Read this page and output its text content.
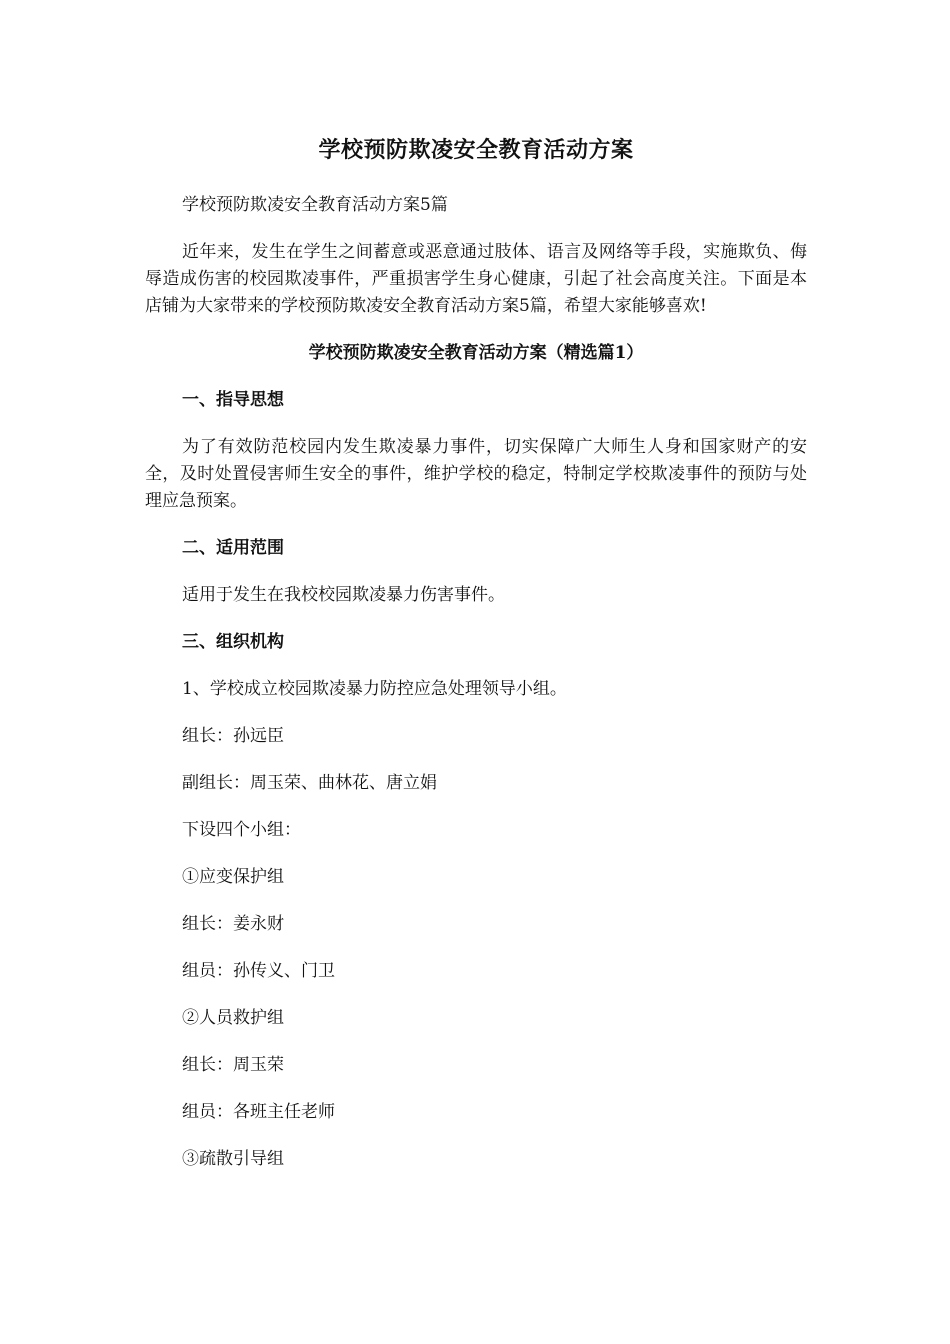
学校预防欺凌安全教育活动方案

学校预防欺凌安全教育活动方案5篇

近年来，发生在学生之间蓄意或恶意通过肢体、语言及网络等手段，实施欺负、侮辱造成伤害的校园欺凌事件，严重损害学生身心健康，引起了社会高度关注。下面是本店铺为大家带来的学校预防欺凌安全教育活动方案5篇，希望大家能够喜欢!

学校预防欺凌安全教育活动方案（精选篇1）

一、指导思想

为了有效防范校园内发生欺凌暴力事件，切实保障广大师生人身和国家财产的安全，及时处置侵害师生安全的事件，维护学校的稳定，特制定学校欺凌事件的预防与处理应急预案。

二、适用范围

适用于发生在我校校园欺凌暴力伤害事件。

三、组织机构

1、学校成立校园欺凌暴力防控应急处理领导小组。

组长：孙远臣

副组长：周玉荣、曲林花、唐立娟

下设四个小组：

①应变保护组

组长：姜永财

组员：孙传义、门卫

②人员救护组

组长：周玉荣

组员：各班主任老师

③疏散引导组
